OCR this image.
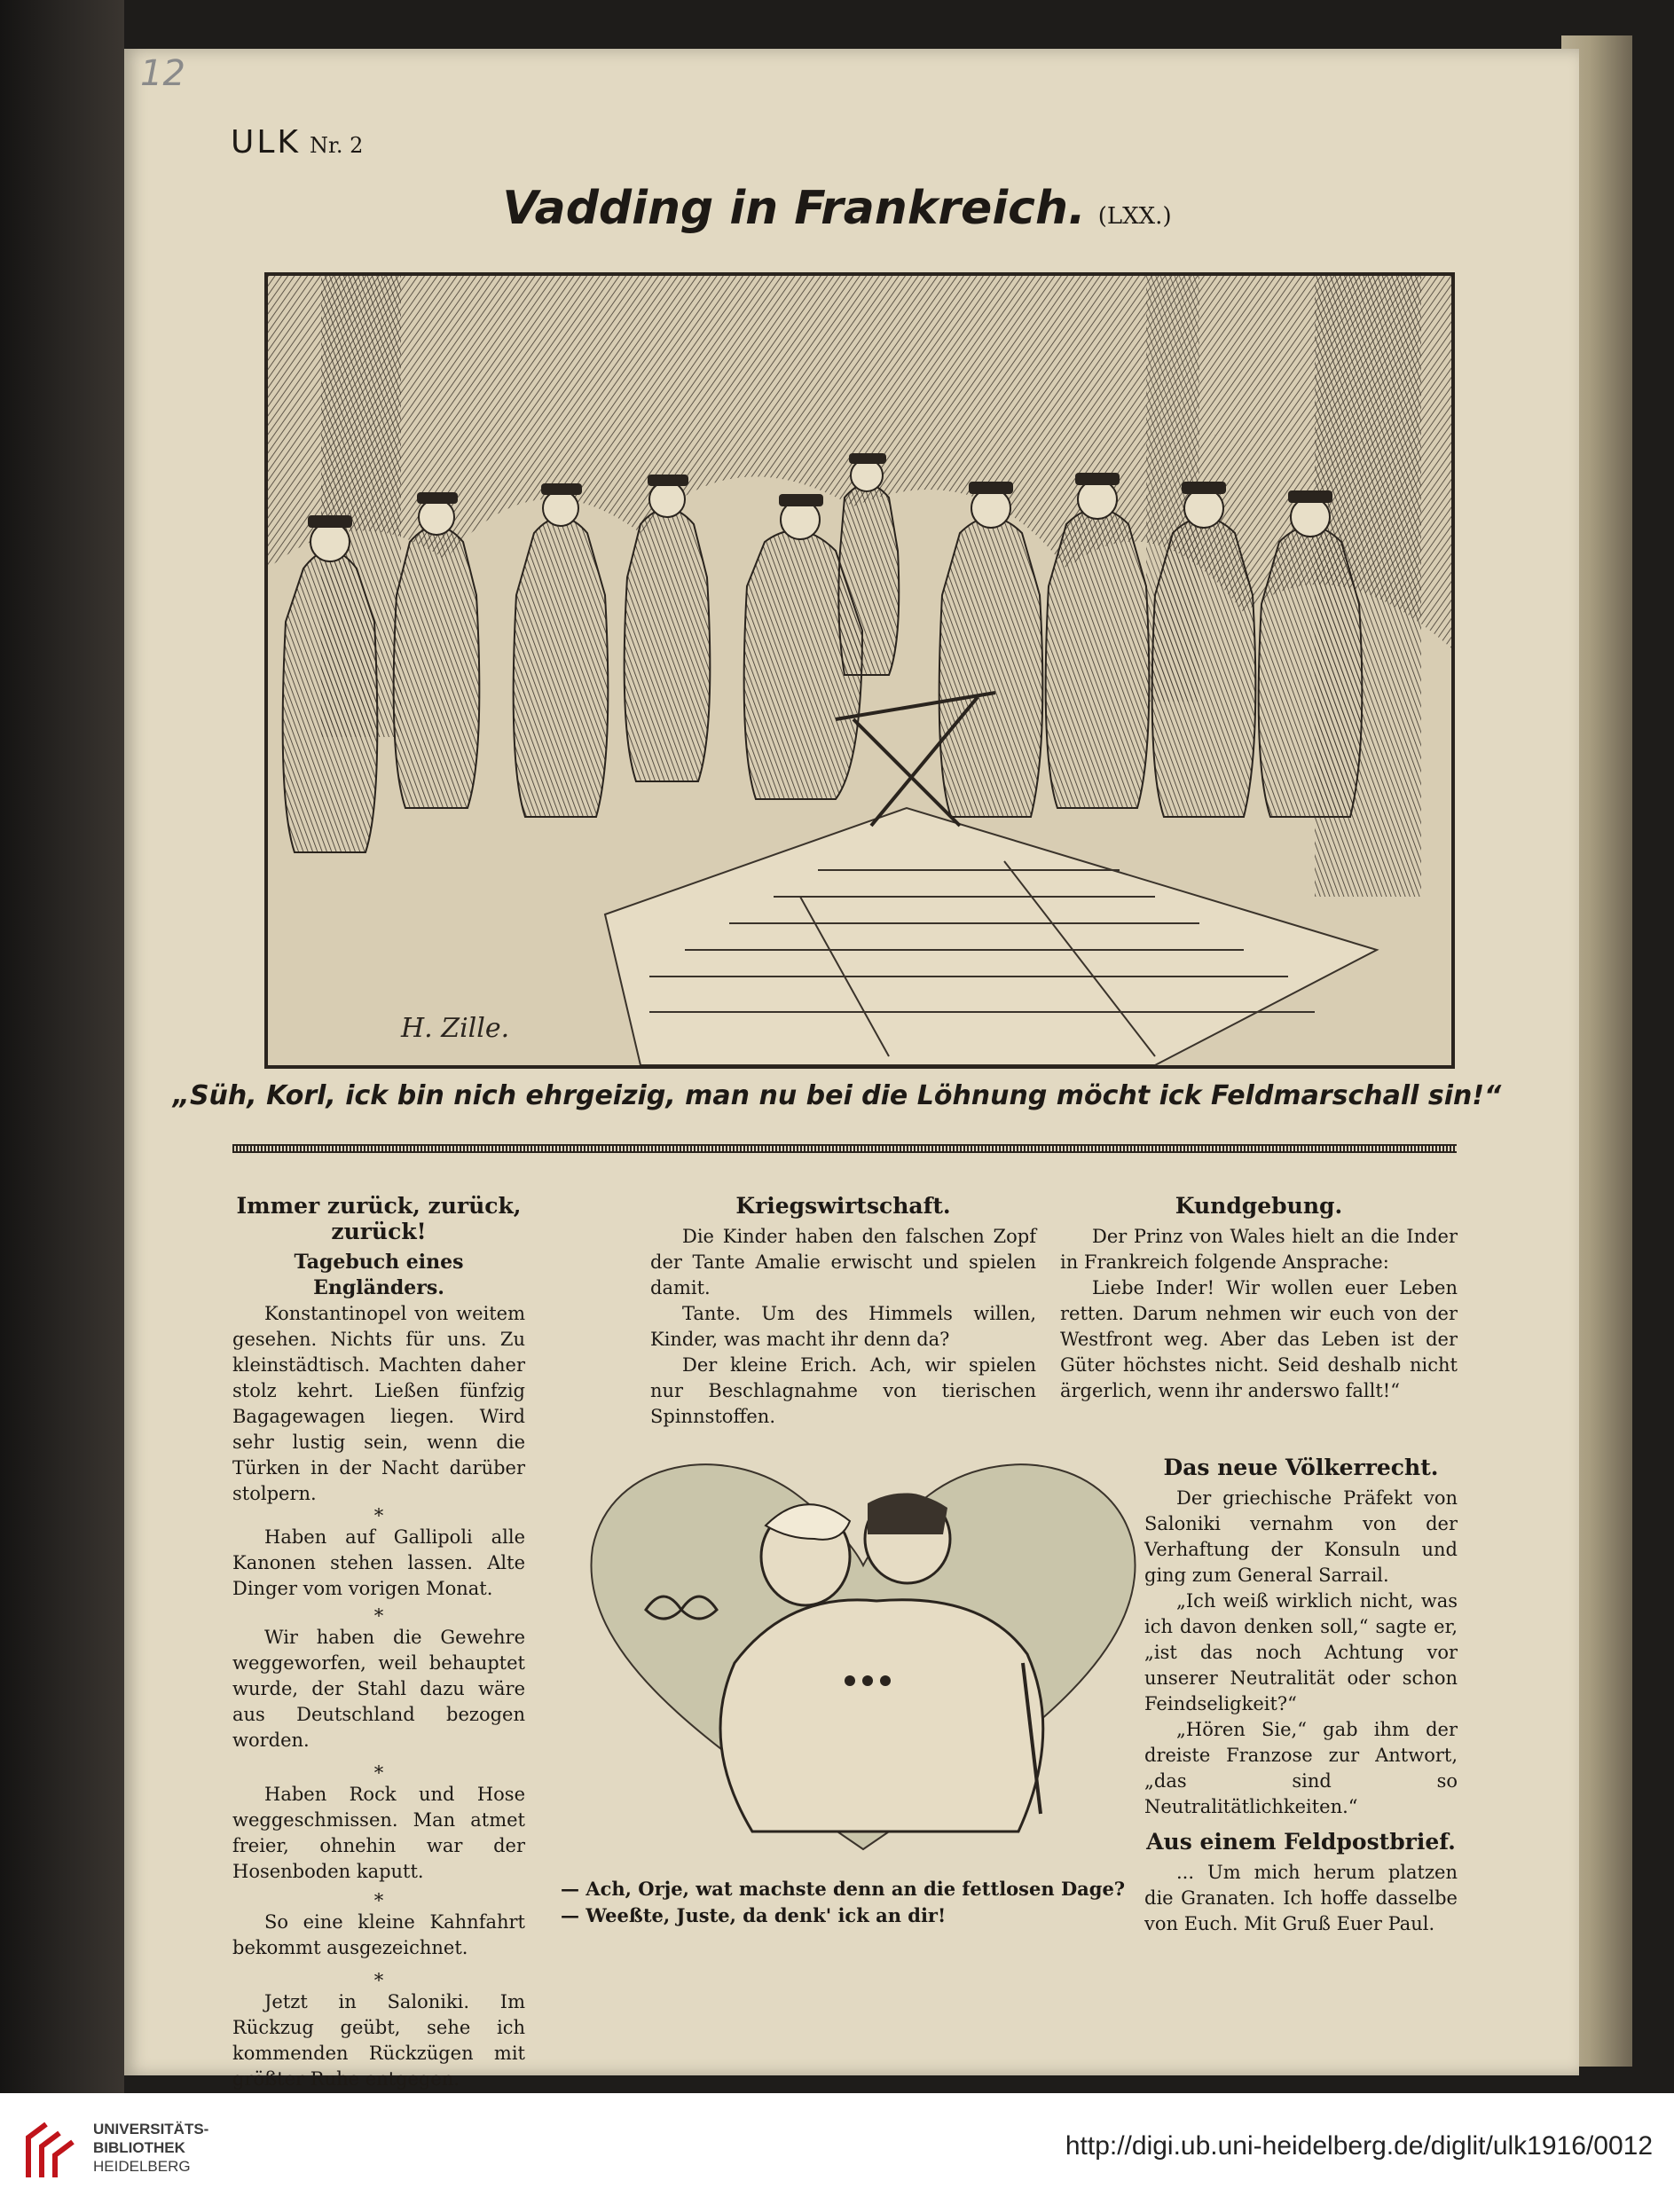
12
ULK Nr. 2
Vadding in Frankreich. (LXX.)
H. Zille.
„Süh, Korl, ick bin nich ehrgeizig, man nu bei die Löhnung möcht ick Feldmarschall sin!“

Immer zurück, zurück, zurück!

Tagebuch eines Engländers.

Konstantinopel von weitem gesehen. Nichts für uns. Zu kleinstädtisch. Machten daher stolz kehrt. Ließen fünfzig Bagagewagen liegen. Wird sehr lustig sein, wenn die Türken in der Nacht darüber stolpern.

*

Haben auf Gallipoli alle Kanonen stehen lassen. Alte Dinger vom vorigen Monat.

*

Wir haben die Gewehre weggeworfen, weil behauptet wurde, der Stahl dazu wäre aus Deutschland bezogen worden.

*

Haben Rock und Hose weggeschmissen. Man atmet freier, ohnehin war der Hosenboden kaputt.

*

So eine kleine Kahnfahrt bekommt ausgezeichnet.

*

Jetzt in Saloniki. Im Rückzug geübt, sehe ich kommenden Rückzügen mit größter Ruhe entgegen.

Kriegswirtschaft.

Die Kinder haben den falschen Zopf der Tante Amalie erwischt und spielen damit.

Tante. Um des Himmels willen, Kinder, was macht ihr denn da?

Der kleine Erich. Ach, wir spielen nur Beschlagnahme von tierischen Spinnstoffen.

Kundgebung.

Der Prinz von Wales hielt an die Inder in Frankreich folgende Ansprache:

Liebe Inder! Wir wollen euer Leben retten. Darum nehmen wir euch von der Westfront weg. Aber das Leben ist der Güter höchstes nicht. Seid deshalb nicht ärgerlich, wenn ihr anderswo fallt!“

Das neue Völkerrecht.

Der griechische Präfekt von Saloniki vernahm von der Verhaftung der Konsuln und ging zum General Sarrail.

„Ich weiß wirklich nicht, was ich davon denken soll,“ sagte er, „ist das noch Achtung vor unserer Neutralität oder schon Feindseligkeit?“

„Hören Sie,“ gab ihm der dreiste Franzose zur Antwort, „das sind so Neutralitätlichkeiten.“

Aus einem Feldpostbrief.

... Um mich herum platzen die Granaten. Ich hoffe dasselbe von Euch. Mit Gruß Euer Paul.

— Ach, Orje, wat machste denn an die fettlosen Dage?
— Weeßte, Juste, da denk' ick an dir!
UNIVERSITÄTS-
BIBLIOTHEK
HEIDELBERG
http://digi.ub.uni-heidelberg.de/diglit/ulk1916/0012
